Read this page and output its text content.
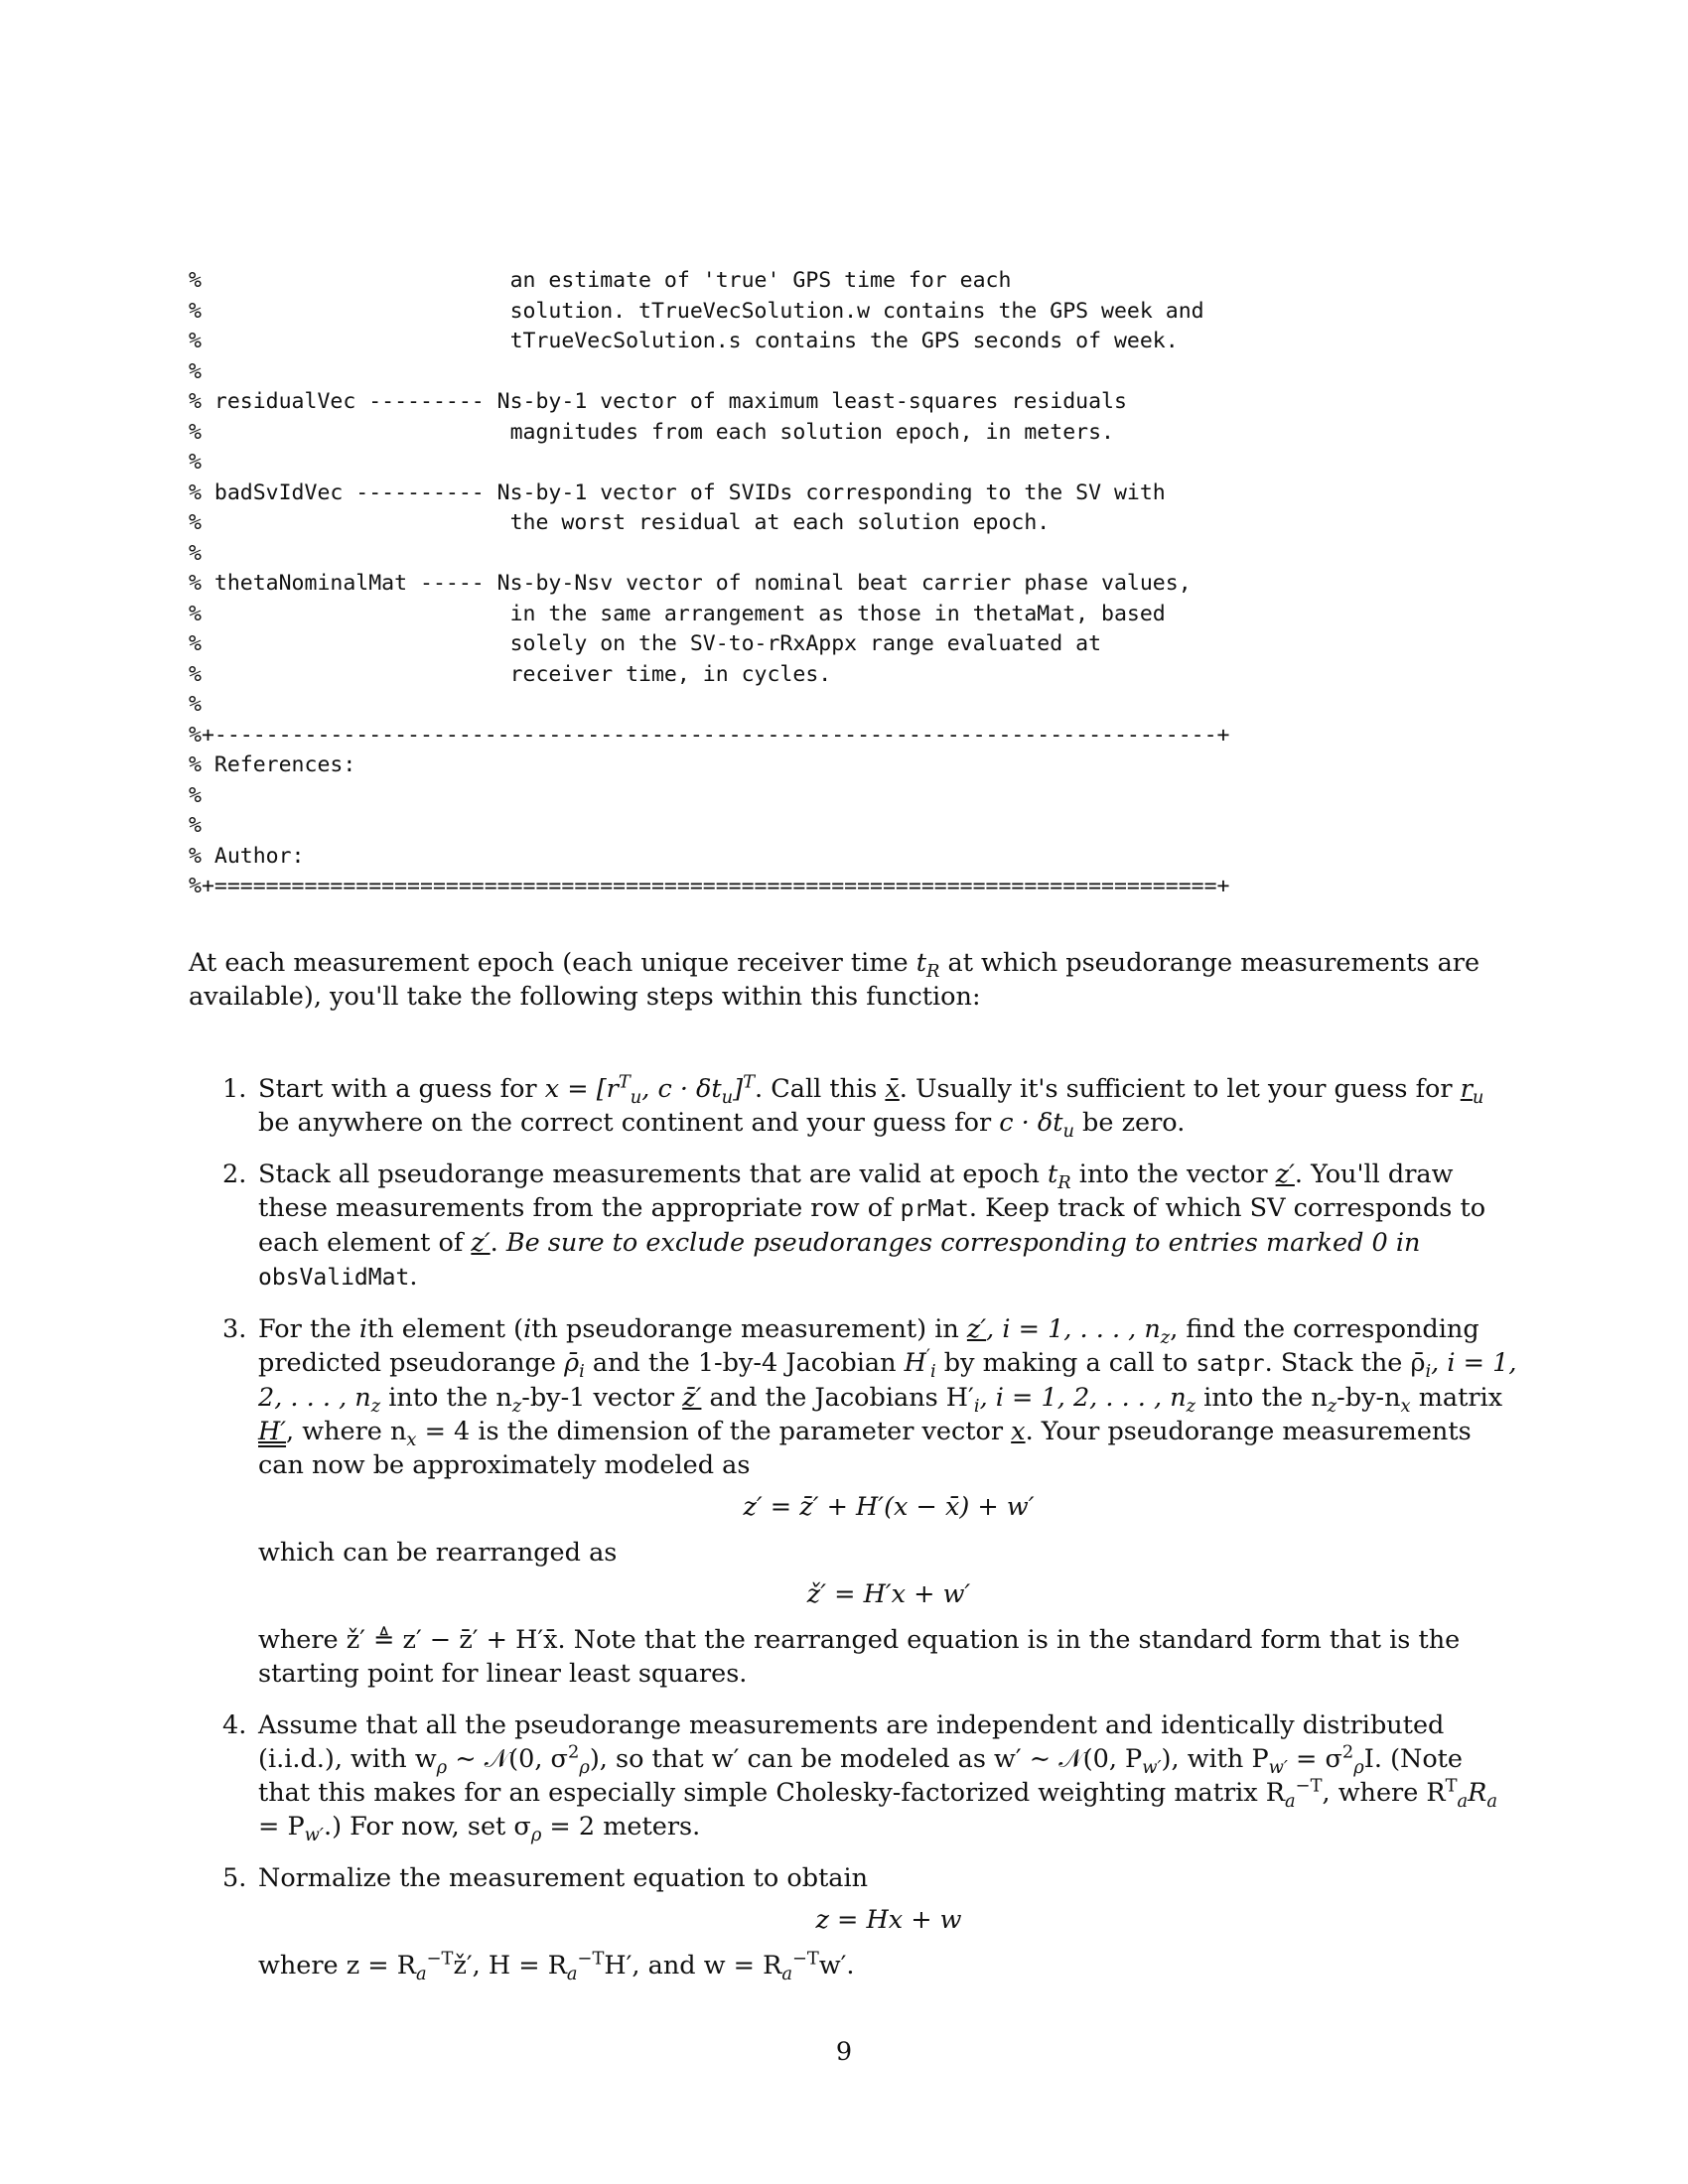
%                        an estimate of 'true' GPS time for each
%                        solution. tTrueVecSolution.w contains the GPS week and
%                        tTrueVecSolution.s contains the GPS seconds of week.
%
% residualVec --------- Ns-by-1 vector of maximum least-squares residuals
%                        magnitudes from each solution epoch, in meters.
%
% badSvIdVec ---------- Ns-by-1 vector of SVIDs corresponding to the SV with
%                        the worst residual at each solution epoch.
%
% thetaNominalMat ----- Ns-by-Nsv vector of nominal beat carrier phase values,
%                        in the same arrangement as those in thetaMat, based
%                        solely on the SV-to-rRxAppx range evaluated at
%                        receiver time, in cycles.
%
%+------------------------------------------------------------------------------+
% References:
%
%
% Author:
%+==============================================================================+

At each measurement epoch (each unique receiver time $t_R$ at which pseudorange measurements are available), you'll take the following steps within this function:

1. Start with a guess for $x = [r^T_u$, $c \cdot \delta t_u]^T$. Call this x̄. Usually it's sufficient to let your guess for $r_u$ be anywhere on the correct continent and your guess for $c \cdot \delta t_u$ be zero.
2. Stack all pseudorange measurements that are valid at epoch $t_R$ into the vector z′. You'll draw these measurements from the appropriate row of prMat. Keep track of which SV corresponds to each element of z′. Be sure to exclude pseudoranges corresponding to entries marked 0 in obsValidMat.
3. For the ith element (ith pseudorange measurement) in z′, i = 1, . . . , $n_z$, find the corresponding predicted pseudorange $\rhō_i$ and the 1-by-4 Jacobian $H'_i$ by making a call to satpr. Stack the $\rhō_i$, i = 1, 2, . . . , $n_z$ into the $n_z-by-1$ vector z̄′ and the Jacobians $H'_i$, i = 1, 2, . . . , $n_z$ into the $n_z-by-n_x$ matrix H′, where $n_x = 4$ is the dimension of the parameter vector x. Your pseudorange measurements can now be approximately modeled as
z′ = z̄′ + H′(x − x̄) + w′
which can be rearranged as
ž′ = H′x + w′
where ž′ ≜ z′ − z̄′ + H′x̄. Note that the rearranged equation is in the standard form that is the starting point for linear least squares.
4. Assume that all the pseudorange measurements are independent and identically distributed (i.i.d.), with $w_\rho$ ∼ 𝒩(0, $\sigma^2_\rho$), so that w′ can be modeled as w′ ∼ 𝒩(0, $P_{w'}$), with $P_{w'} = \sigma^2_\rho I$. (Note that this makes for an especially simple Cholesky-factorized weighting matrix $R_a^{-T}$, where $R^T_aR_a = P_{w'}$.) For now, set $\sigma_\rho = 2$ meters.
5. Normalize the measurement equation to obtain
z = Hx + w
where $z = R_a^{-T}ž'$, $H = R_a^{-T}H'$, and $w = R_a^{-T}w'$.
9
